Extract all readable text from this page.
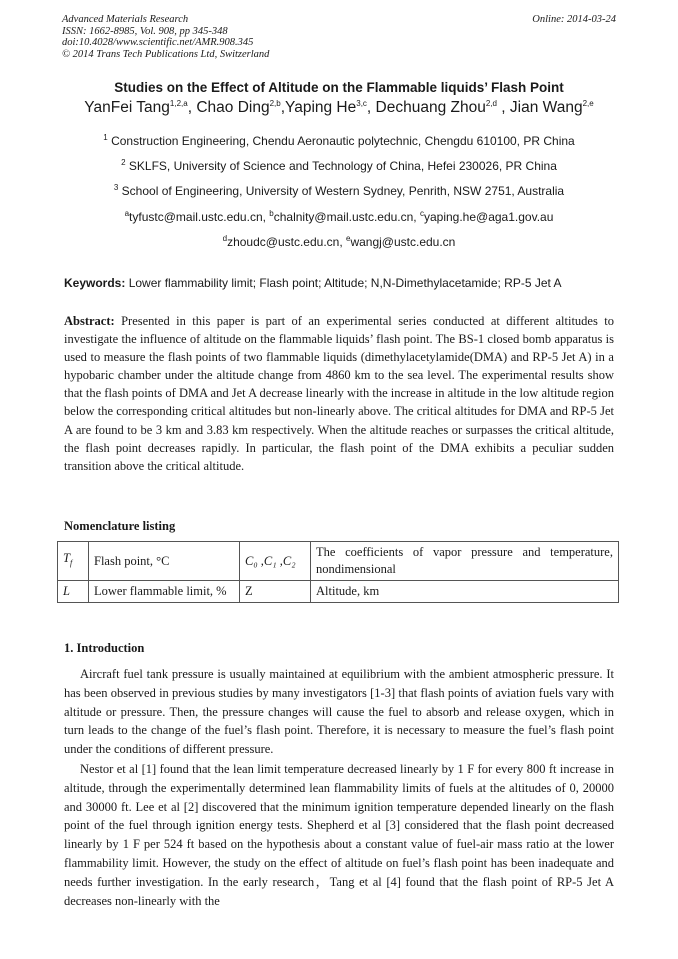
Advanced Materials Research
ISSN: 1662-8985, Vol. 908, pp 345-348
doi:10.4028/www.scientific.net/AMR.908.345
© 2014 Trans Tech Publications Ltd, Switzerland
Online: 2014-03-24
Studies on the Effect of Altitude on the Flammable liquids’ Flash Point
YanFei Tang$^{1,2,a}$, Chao Ding$^{2,b}$,Yaping He$^{3,c}$, Dechuang Zhou$^{2,d}$ , Jian Wang$^{2,e}$
$^1$ Construction Engineering, Chendu Aeronautic polytechnic, Chengdu 610100, PR China
$^2$ SKLFS, University of Science and Technology of China, Hefei 230026, PR China
$^3$ School of Engineering, University of Western Sydney, Penrith, NSW 2751, Australia
$^a$tyfustc@mail.ustc.edu.cn, $^b$chalnity@mail.ustc.edu.cn, $^c$yaping.he@aga1.gov.au
$^d$zhoudc@ustc.edu.cn, $^e$wangj@ustc.edu.cn
Keywords: Lower flammability limit; Flash point; Altitude; N,N-Dimethylacetamide; RP-5 Jet A
Abstract: Presented in this paper is part of an experimental series conducted at different altitudes to investigate the influence of altitude on the flammable liquids’ flash point. The BS-1 closed bomb apparatus is used to measure the flash points of two flammable liquids (dimethylacetylamide(DMA) and RP-5 Jet A) in a hypobaric chamber under the altitude change from 4860 km to the sea level. The experimental results show that the flash points of DMA and Jet A decrease linearly with the increase in altitude in the low altitude region below the corresponding critical altitudes but non-linearly above. The critical altitudes for DMA and RP-5 Jet A are found to be 3 km and 3.83 km respectively. When the altitude reaches or surpasses the critical altitude, the flash point decreases rapidly. In particular, the flash point of the DMA exhibits a peculiar sudden transition above the critical altitude.
Nomenclature listing
$T_f$	Flash point, °C	C₀ ,C₁ ,C₂	The coefficients of vapor pressure and temperature, nondimensional
L	Lower flammable limit, %	Z	Altitude, km
1. Introduction
Aircraft fuel tank pressure is usually maintained at equilibrium with the ambient atmospheric pressure. It has been observed in previous studies by many investigators [1-3] that flash points of aviation fuels vary with altitude or pressure. Then, the pressure changes will cause the fuel to absorb and release oxygen, which in turn leads to the change of the fuel’s flash point. Therefore, it is necessary to measure the fuel’s flash point under the conditions of different pressure.
Nestor et al [1] found that the lean limit temperature decreased linearly by 1 F for every 800 ft increase in altitude, through the experimentally determined lean flammability limits of fuels at the altitudes of 0, 20000 and 30000 ft. Lee et al [2] discovered that the minimum ignition temperature depended linearly on the flash point of the fuel through ignition energy tests. Shepherd et al [3] considered that the flash point decreased linearly by 1 F per 524 ft based on the hypothesis about a constant value of fuel-air mass ratio at the lower flammability limit. However, the study on the effect of altitude on fuel’s flash point has been inadequate and needs further investigation. In the early research，Tang et al [4] found that the flash point of RP-5 Jet A decreases non-linearly with the
